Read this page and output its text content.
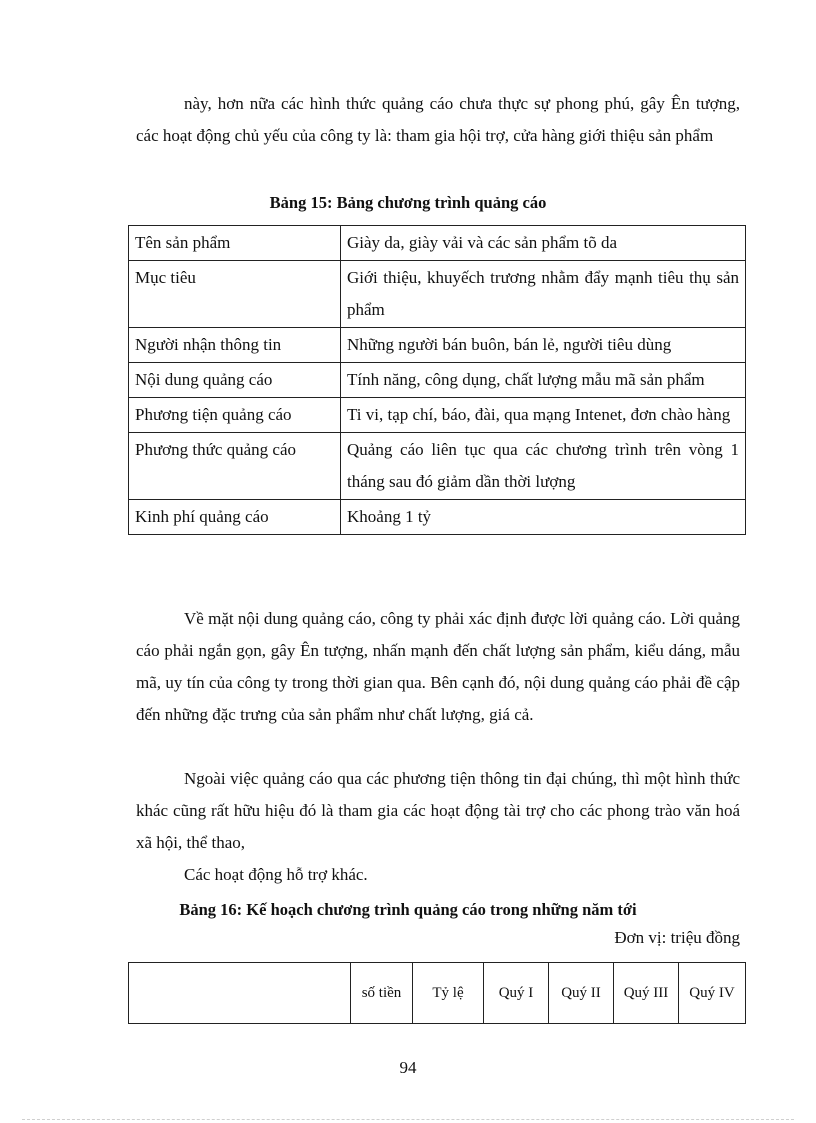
này, hơn nữa các hình thức quảng cáo chưa thực sự phong phú, gây Ên tượng, các hoạt động chủ yếu của công ty là: tham gia hội trợ, cửa hàng giới thiệu sản phẩm

Bảng 15: Bảng chương trình quảng cáo

Tên sản phẩm	Giày da, giày vải và các sản phẩm tõ da
Mục tiêu	Giới thiệu, khuyếch trương nhằm đẩy mạnh tiêu thụ sản phẩm
Người nhận thông tin	Những người bán buôn, bán lẻ, người tiêu dùng
Nội dung quảng cáo	Tính năng, công dụng, chất lượng mẫu mã sản phẩm
Phương tiện quảng cáo	Ti vi, tạp chí, báo, đài, qua mạng Intenet, đơn chào hàng
Phương thức quảng cáo	Quảng cáo liên tục qua các chương trình trên vòng 1 tháng sau đó giảm dần thời lượng
Kinh phí quảng cáo	Khoảng 1 tỷ

Về mặt nội dung quảng cáo, công ty phải xác định được lời quảng cáo. Lời quảng cáo phải ngắn gọn, gây Ên tượng, nhấn mạnh đến chất lượng sản phẩm, kiểu dáng, mẫu mã, uy tín của công ty trong thời gian qua. Bên cạnh đó, nội dung quảng cáo phải đề cập đến những đặc trưng của sản phẩm như chất lượng, giá cả.

Ngoài việc quảng cáo qua các phương tiện thông tin đại chúng, thì một hình thức khác cũng rất hữu hiệu đó là tham gia các hoạt động tài trợ cho các phong trào văn hoá xã hội, thể thao,

Các hoạt động hỗ trợ khác.

Bảng 16: Kế hoạch chương trình quảng cáo trong những năm tới

Đơn vị: triệu đồng
	số tiền	Tỷ lệ	Quý I	Quý II	Quý III	Quý IV
94
